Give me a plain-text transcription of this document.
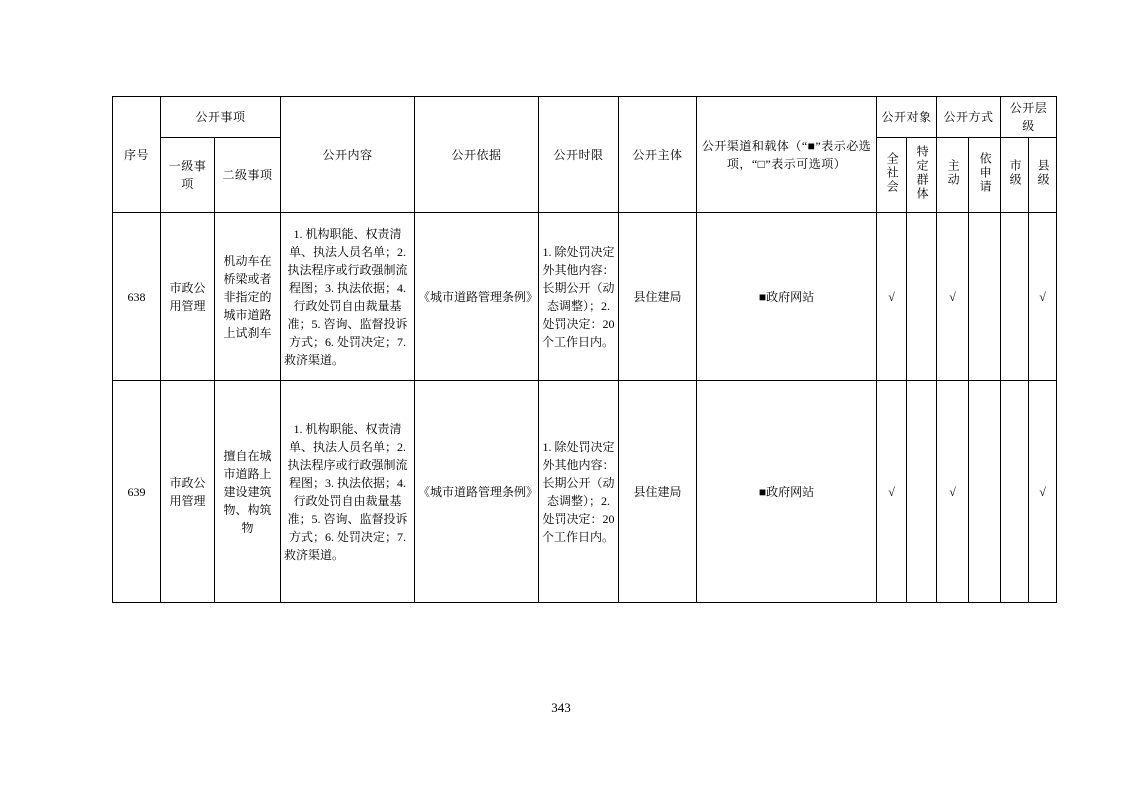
序号	公开事项		公开内容	公开依据	公开时限	公开主体	公开渠道和载体（“■”表示必选项，“□”表示可选项）	公开对象		公开方式		公开层级	
	一级事项	二级事项						全社会	特定群体	主动	依申请	市级	县级
638	市政公用管理	机动车在桥梁或者非指定的城市道路上试刹车	1. 机构职能、权责清单、执法人员名单；2. 执法程序或行政强制流程图；3. 执法依据；4. 行政处罚自由裁量基准；5. 咨询、监督投诉方式；6. 处罚决定；7. 救济渠道。	《城市道路管理条例》	1. 除处罚决定外其他内容：长期公开（动态调整）；2. 处罚决定：20个工作日内。	县住建局	■政府网站	√		√			√
639	市政公用管理	擅自在城市道路上建设建筑物、构筑物	1. 机构职能、权责清单、执法人员名单；2. 执法程序或行政强制流程图；3. 执法依据；4. 行政处罚自由裁量基准；5. 咨询、监督投诉方式；6. 处罚决定；7. 救济渠道。	《城市道路管理条例》	1. 除处罚决定外其他内容：长期公开（动态调整）；2. 处罚决定：20个工作日内。	县住建局	■政府网站	√		√			√
343
